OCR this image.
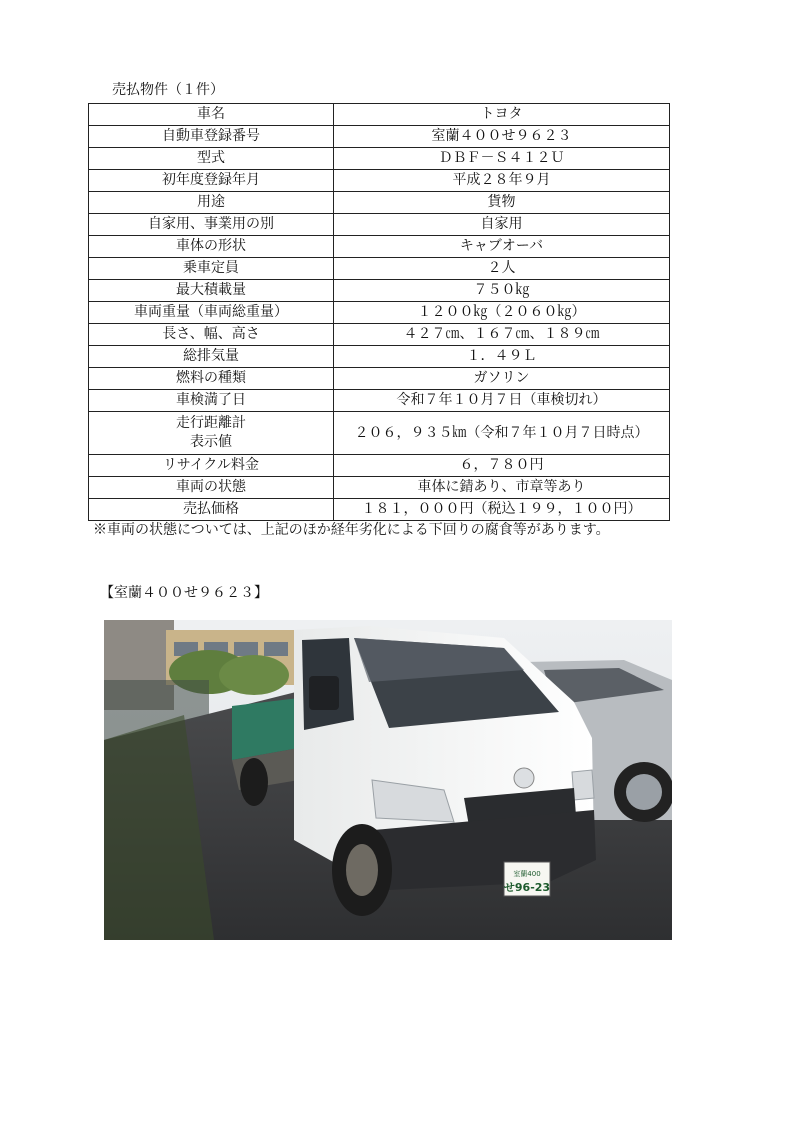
売払物件（１件）
車名	トヨタ
自動車登録番号	室蘭４００せ９６２３
型式	ＤＢＦ－Ｓ４１２Ｕ
初年度登録年月	平成２８年９月
用途	貨物
自家用、事業用の別	自家用
車体の形状	キャブオーバ
乗車定員	２人
最大積載量	７５０㎏
車両重量（車両総重量）	１２００㎏（２０６０㎏）
長さ、幅、高さ	４２７㎝、１６７㎝、１８９㎝
総排気量	１．４９Ｌ
燃料の種類	ガソリン
車検満了日	令和７年１０月７日（車検切れ）

走行距離計
表示値	２０６，９３５㎞（令和７年１０月７日時点）
リサイクル料金	６，７８０円
車両の状態	車体に錆あり、市章等あり
売払価格	１８１，０００円（税込１９９，１００円）
※車両の状態については、上記のほか経年劣化による下回りの腐食等があります。
【室蘭４００せ９６２３】
室蘭400
せ96-23
